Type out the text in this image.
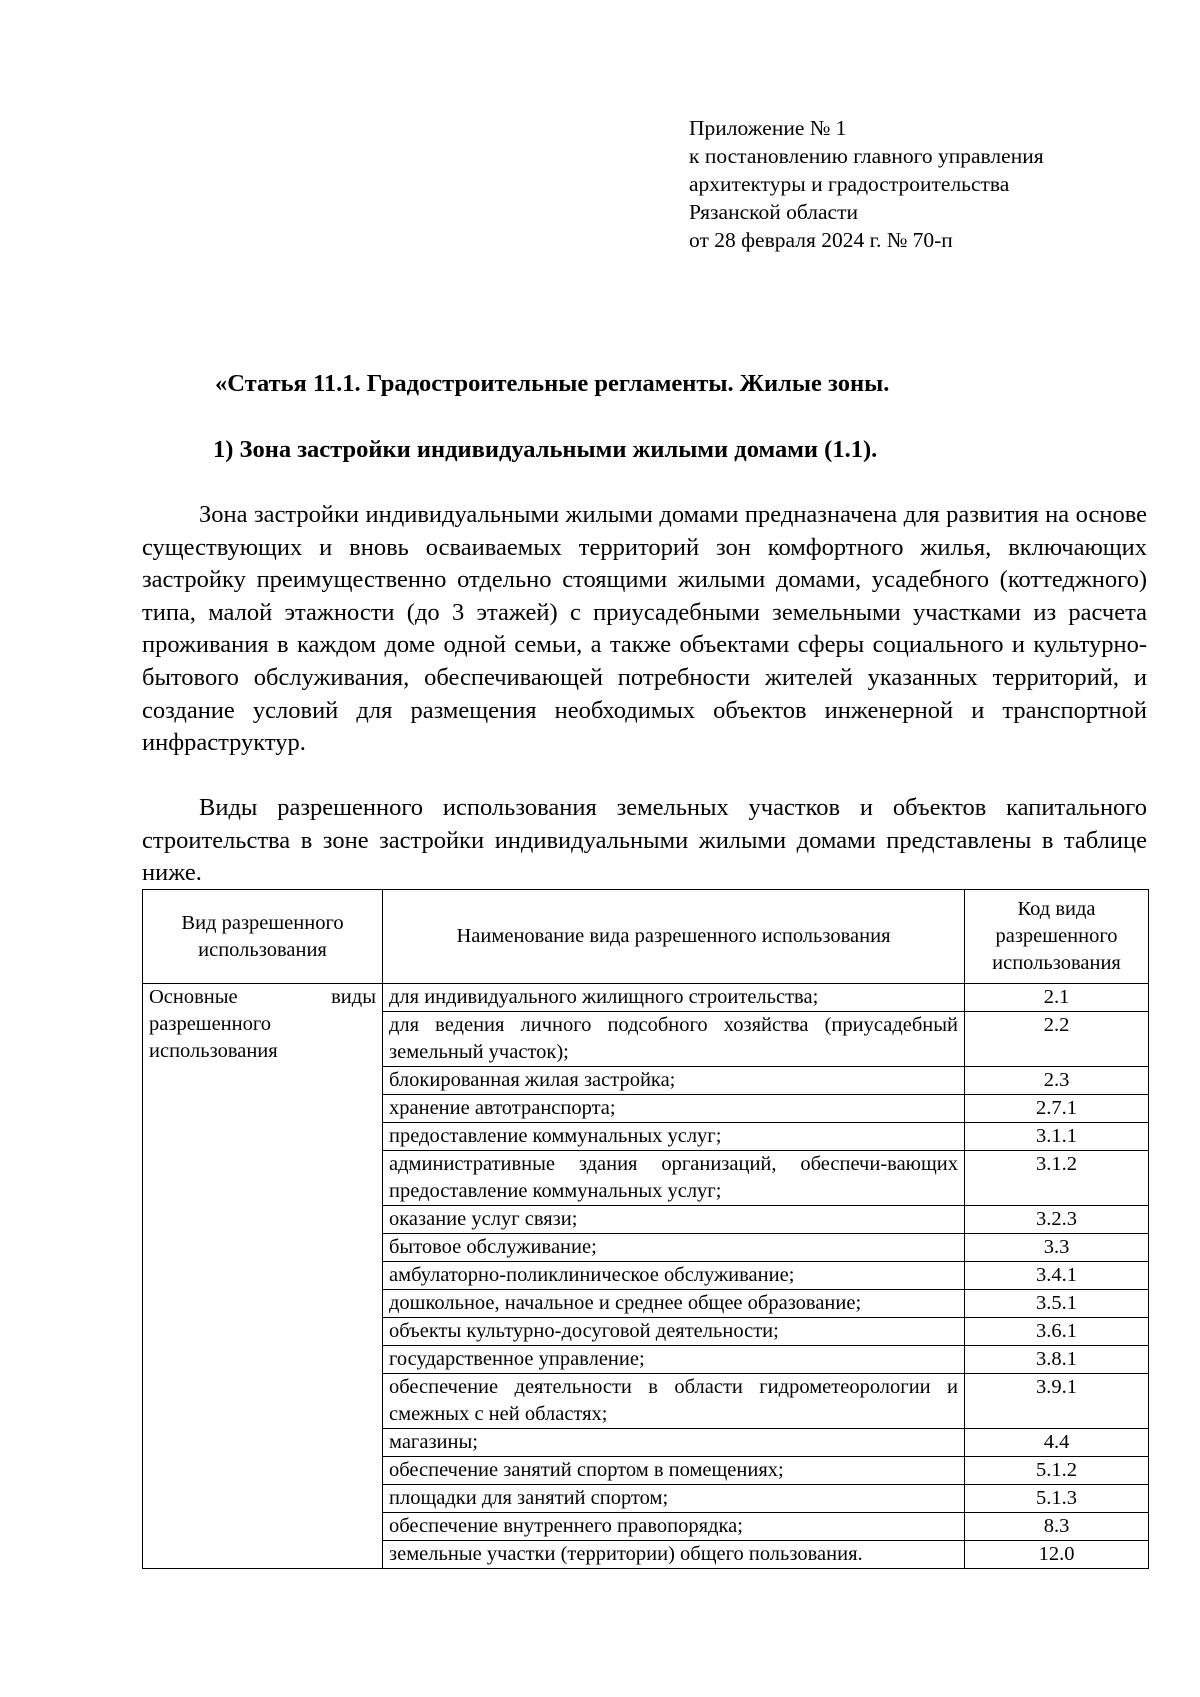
Приложение № 1
к постановлению главного управления
архитектуры и градостроительства
Рязанской области
от 28 февраля 2024 г. № 70-п
«Статья 11.1. Градостроительные регламенты. Жилые зоны.
1) Зона застройки индивидуальными жилыми домами (1.1).

Зона застройки индивидуальными жилыми домами предназначена для развития на основе существующих и вновь осваиваемых территорий зон комфортного жилья, включающих застройку преимущественно отдельно стоящими жилыми домами, усадебного (коттеджного) типа, малой этажности (до 3 этажей) с приусадебными земельными участками из расчета проживания в каждом доме одной семьи, а также объектами сферы социального и культурно-бытового обслуживания, обеспечивающей потребности жителей указанных территорий, и создание условий для размещения необходимых объектов инженерной и транспортной инфраструктур.

Виды разрешенного использования земельных участков и объектов капитального строительства в зоне застройки индивидуальными жилыми домами представлены в таблице ниже.

Вид разрешенного использования	Наименование вида разрешенного использования	Код вида разрешенного использования
Основные виды разрешенного использования	для индивидуального жилищного строительства;	2.1
	для ведения личного подсобного хозяйства (приусадебный земельный участок);	2.2
	блокированная жилая застройка;	2.3
	хранение автотранспорта;	2.7.1
	предоставление коммунальных услуг;	3.1.1
	административные здания организаций, обеспечи-вающих предоставление коммунальных услуг;	3.1.2
	оказание услуг связи;	3.2.3
	бытовое обслуживание;	3.3
	амбулаторно-поликлиническое обслуживание;	3.4.1
	дошкольное, начальное и среднее общее образование;	3.5.1
	объекты культурно-досуговой деятельности;	3.6.1
	государственное управление;	3.8.1
	обеспечение деятельности в области гидрометеорологии и смежных с ней областях;	3.9.1
	магазины;	4.4
	обеспечение занятий спортом в помещениях;	5.1.2
	площадки для занятий спортом;	5.1.3
	обеспечение внутреннего правопорядка;	8.3
	земельные участки (территории) общего пользования.	12.0
